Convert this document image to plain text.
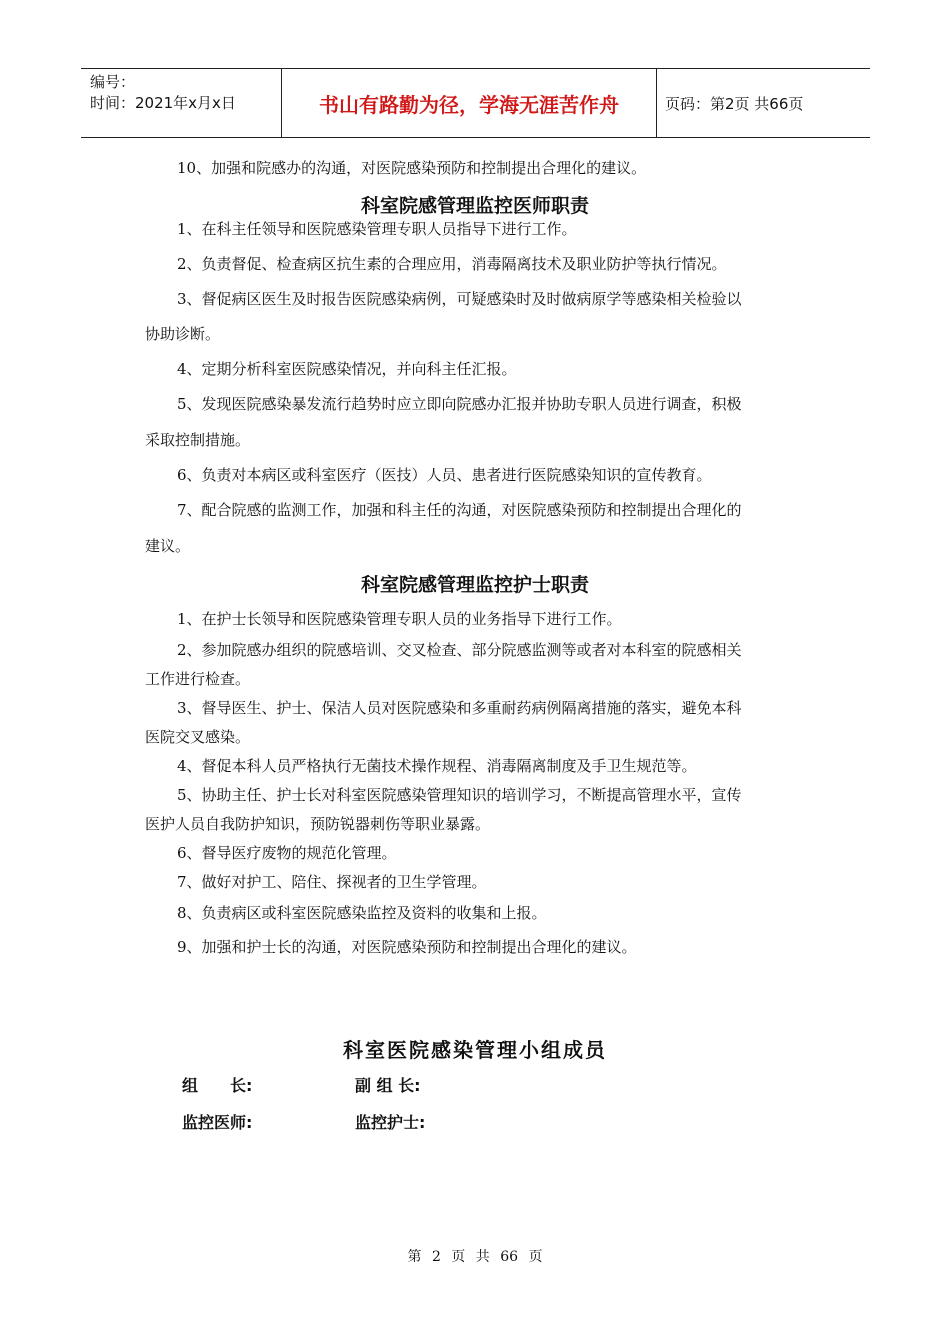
编号：
时间：2021年x月x日	书山有路勤为径，学海无涯苦作舟	页码：第2页 共66页
10、加强和院感办的沟通，对医院感染预防和控制提出合理化的建议。
科室院感管理监控医师职责
1、在科主任领导和医院感染管理专职人员指导下进行工作。
2、负责督促、检查病区抗生素的合理应用，消毒隔离技术及职业防护等执行情况。
3、督促病区医生及时报告医院感染病例，可疑感染时及时做病原学等感染相关检验以
协助诊断。
4、定期分析科室医院感染情况，并向科主任汇报。
5、发现医院感染暴发流行趋势时应立即向院感办汇报并协助专职人员进行调查，积极
采取控制措施。
6、负责对本病区或科室医疗（医技）人员、患者进行医院感染知识的宣传教育。
7、配合院感的监测工作，加强和科主任的沟通，对医院感染预防和控制提出合理化的
建议。
科室院感管理监控护士职责
1、在护士长领导和医院感染管理专职人员的业务指导下进行工作。
2、参加院感办组织的院感培训、交叉检查、部分院感监测等或者对本科室的院感相关
工作进行检查。
3、督导医生、护士、保洁人员对医院感染和多重耐药病例隔离措施的落实，避免本科
医院交叉感染。
4、督促本科人员严格执行无菌技术操作规程、消毒隔离制度及手卫生规范等。
5、协助主任、护士长对科室医院感染管理知识的培训学习，不断提高管理水平，宣传
医护人员自我防护知识，预防锐器刺伤等职业暴露。
6、督导医疗废物的规范化管理。
7、做好对护工、陪住、探视者的卫生学管理。
8、负责病区或科室医院感染监控及资料的收集和上报。
9、加强和护士长的沟通，对医院感染预防和控制提出合理化的建议。
科室医院感染管理小组成员
组　　长:	副 组 长:
监控医师:	监控护士:
第 2 页 共 66 页
